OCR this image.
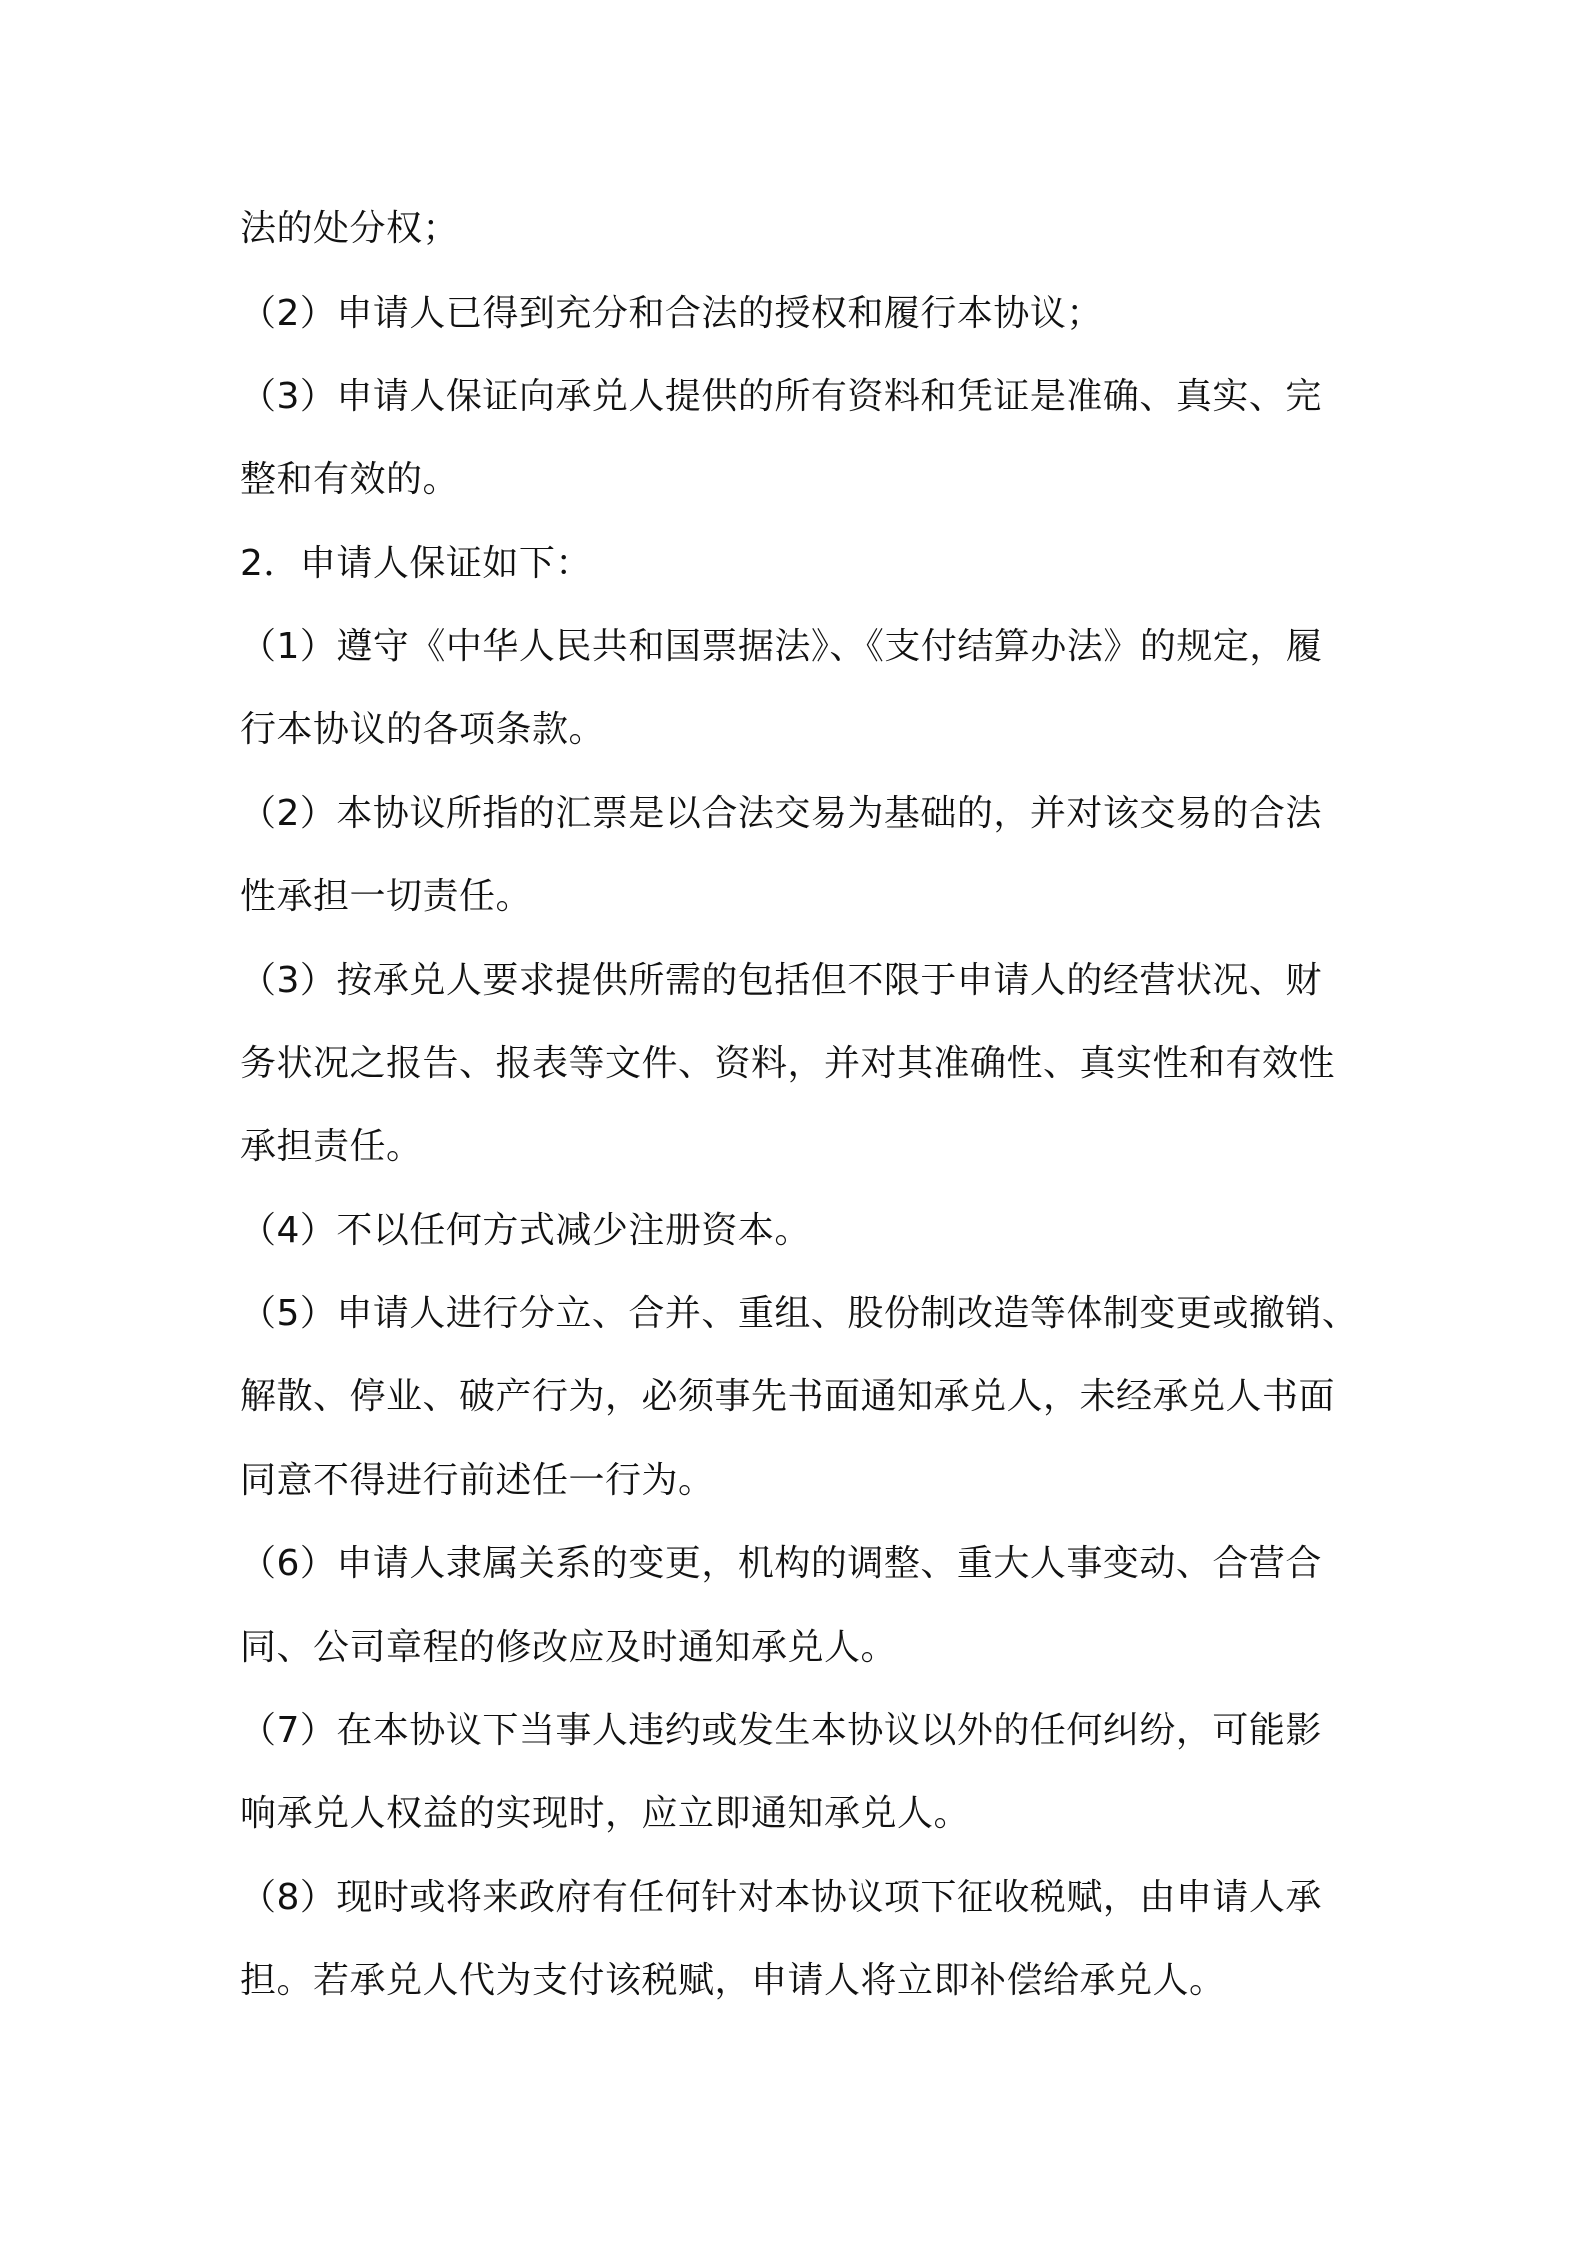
法的处分权；
（2）申请人已得到充分和合法的授权和履行本协议；
（3）申请人保证向承兑人提供的所有资料和凭证是准确、真实、完
整和有效的。
2．申请人保证如下：
（1）遵守《中华人民共和国票据法》、《支付结算办法》的规定，履
行本协议的各项条款。
（2）本协议所指的汇票是以合法交易为基础的，并对该交易的合法
性承担一切责任。
（3）按承兑人要求提供所需的包括但不限于申请人的经营状况、财
务状况之报告、报表等文件、资料，并对其准确性、真实性和有效性
承担责任。
（4）不以任何方式减少注册资本。
（5）申请人进行分立、合并、重组、股份制改造等体制变更或撤销、
解散、停业、破产行为，必须事先书面通知承兑人，未经承兑人书面
同意不得进行前述任一行为。
（6）申请人隶属关系的变更，机构的调整、重大人事变动、合营合
同、公司章程的修改应及时通知承兑人。
（7）在本协议下当事人违约或发生本协议以外的任何纠纷，可能影
响承兑人权益的实现时，应立即通知承兑人。
（8）现时或将来政府有任何针对本协议项下征收税赋，由申请人承
担。若承兑人代为支付该税赋，申请人将立即补偿给承兑人。
